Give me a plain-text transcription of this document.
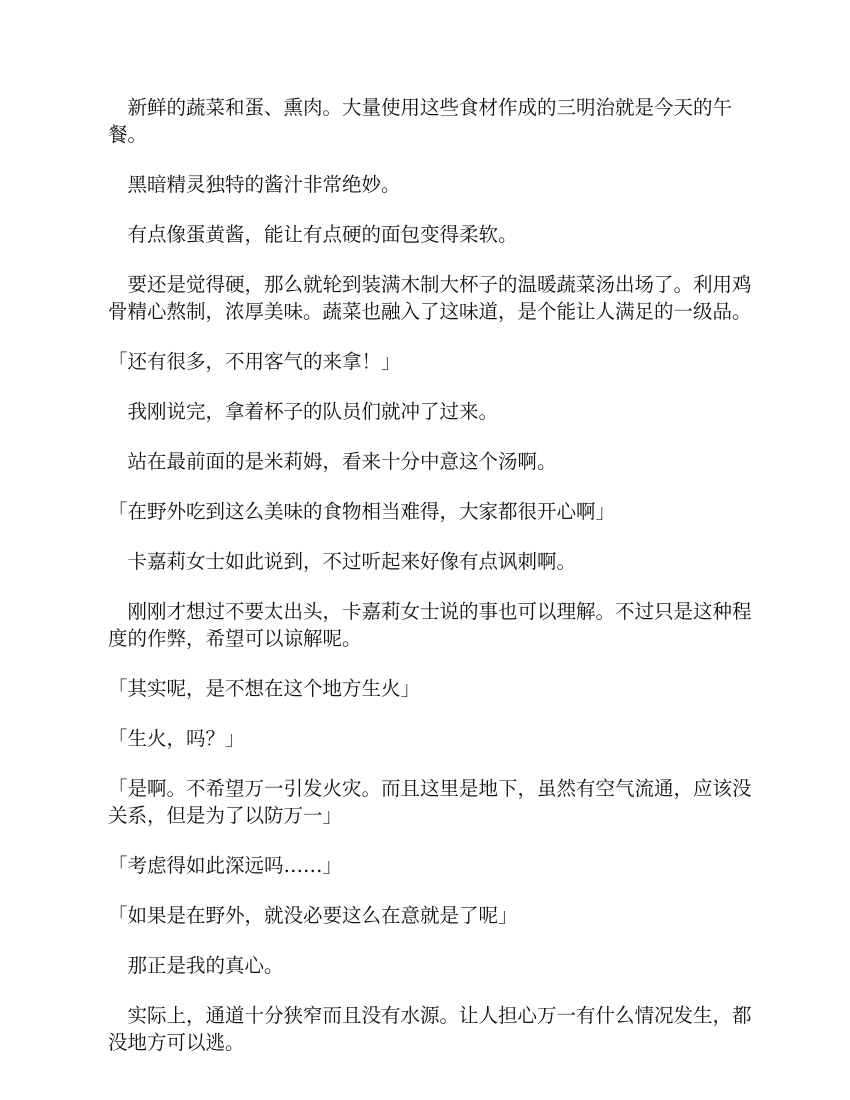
　新鲜的蔬菜和蛋、熏肉。大量使用这些食材作成的三明治就是今天的午餐。

　黑暗精灵独特的酱汁非常绝妙。

　有点像蛋黄酱，能让有点硬的面包变得柔软。

　要还是觉得硬，那么就轮到装满木制大杯子的温暖蔬菜汤出场了。利用鸡骨精心熬制，浓厚美味。蔬菜也融入了这味道，是个能让人满足的一级品。

「还有很多，不用客气的来拿！」

　我刚说完，拿着杯子的队员们就冲了过来。

　站在最前面的是米莉姆，看来十分中意这个汤啊。

「在野外吃到这么美味的食物相当难得，大家都很开心啊」

　卡嘉莉女士如此说到，不过听起来好像有点讽刺啊。

　刚刚才想过不要太出头，卡嘉莉女士说的事也可以理解。不过只是这种程度的作弊，希望可以谅解呢。

「其实呢，是不想在这个地方生火」

「生火，吗？」

「是啊。不希望万一引发火灾。而且这里是地下，虽然有空气流通，应该没关系，但是为了以防万一」

「考虑得如此深远吗……」

「如果是在野外，就没必要这么在意就是了呢」

　那正是我的真心。

　实际上，通道十分狭窄而且没有水源。让人担心万一有什么情况发生，都没地方可以逃。
